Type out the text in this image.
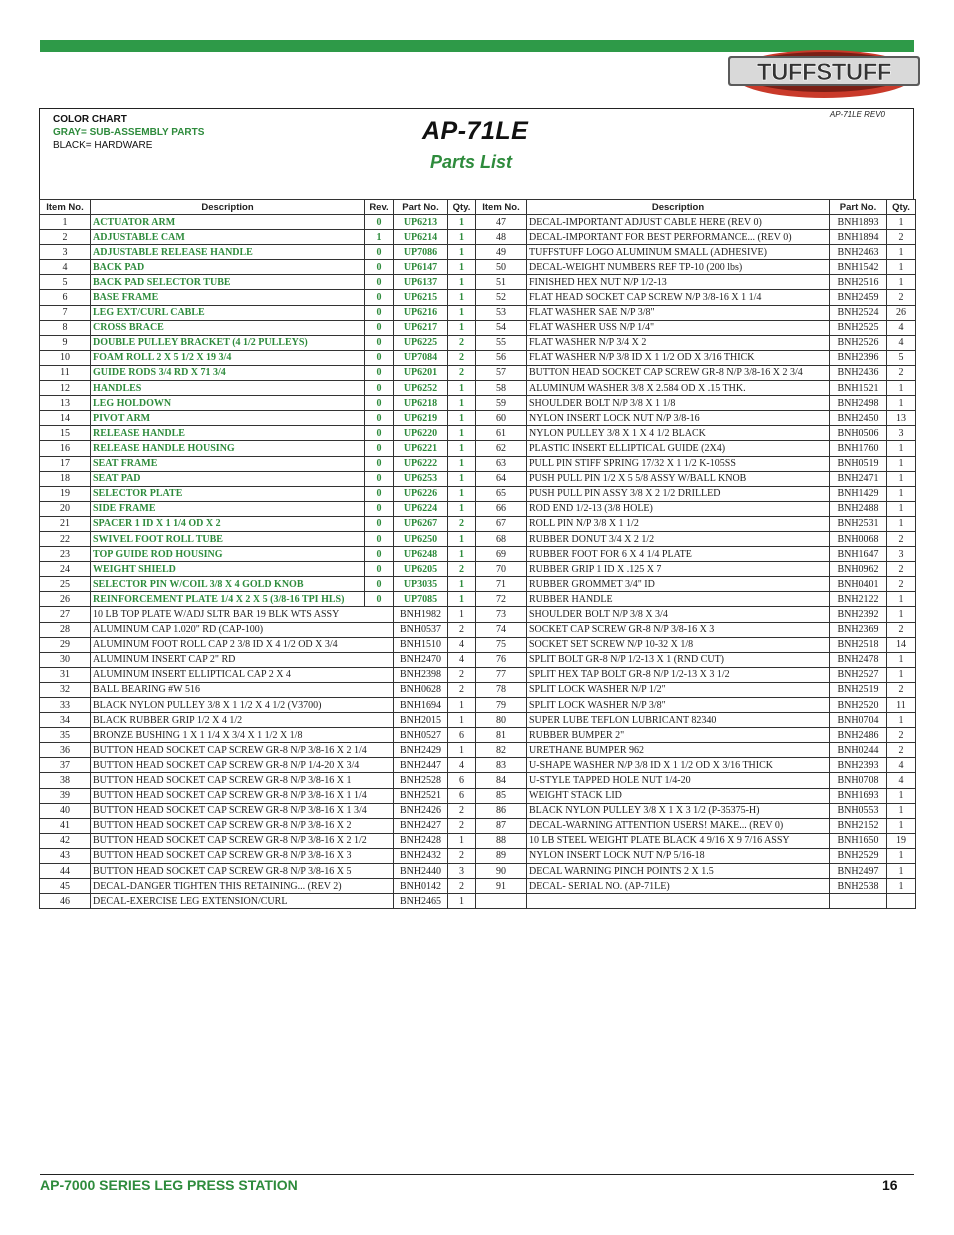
TUFFSTUFF
COLOR CHART
GRAY= SUB-ASSEMBLY PARTS
BLACK= HARDWARE
AP-71LE REV0
AP-71LE
Parts List
Item No.	Description	Rev.	Part No.	Qty.	Item No.	Description	Part No.	Qty.
1	ACTUATOR ARM	0	UP6213	1	47	DECAL-IMPORTANT ADJUST CABLE HERE (REV 0)	BNH1893	1
2	ADJUSTABLE CAM	1	UP6214	1	48	DECAL-IMPORTANT FOR BEST PERFORMANCE... (REV 0)	BNH1894	2
3	ADJUSTABLE RELEASE HANDLE	0	UP7086	1	49	TUFFSTUFF LOGO ALUMINUM SMALL (ADHESIVE)	BNH2463	1
4	BACK PAD	0	UP6147	1	50	DECAL-WEIGHT NUMBERS REF TP-10 (200 lbs)	BNH1542	1
5	BACK PAD SELECTOR TUBE	0	UP6137	1	51	FINISHED HEX NUT N/P 1/2-13	BNH2516	1
6	BASE FRAME	0	UP6215	1	52	FLAT HEAD SOCKET CAP SCREW N/P 3/8-16 X 1 1/4	BNH2459	2
7	LEG EXT/CURL CABLE	0	UP6216	1	53	FLAT WASHER SAE N/P 3/8"	BNH2524	26
8	CROSS BRACE	0	UP6217	1	54	FLAT WASHER USS N/P 1/4"	BNH2525	4
9	DOUBLE PULLEY BRACKET (4 1/2 PULLEYS)	0	UP6225	2	55	FLAT WASHER N/P 3/4 X 2	BNH2526	4
10	FOAM ROLL 2 X 5 1/2 X 19 3/4	0	UP7084	2	56	FLAT WASHER N/P 3/8 ID X 1 1/2 OD X 3/16 THICK	BNH2396	5
11	GUIDE RODS 3/4 RD X 71 3/4	0	UP6201	2	57	BUTTON HEAD SOCKET CAP SCREW GR-8 N/P 3/8-16 X 2 3/4	BNH2436	2
12	HANDLES	0	UP6252	1	58	ALUMINUM WASHER 3/8 X 2.584 OD X .15 THK.	BNH1521	1
13	LEG HOLDOWN	0	UP6218	1	59	SHOULDER BOLT N/P 3/8 X 1 1/8	BNH2498	1
14	PIVOT ARM	0	UP6219	1	60	NYLON INSERT LOCK NUT N/P 3/8-16	BNH2450	13
15	RELEASE HANDLE	0	UP6220	1	61	NYLON PULLEY 3/8 X 1 X 4 1/2 BLACK	BNH0506	3
16	RELEASE HANDLE HOUSING	0	UP6221	1	62	PLASTIC INSERT ELLIPTICAL GUIDE (2X4)	BNH1760	1
17	SEAT FRAME	0	UP6222	1	63	PULL PIN STIFF SPRING 17/32 X 1 1/2 K-105SS	BNH0519	1
18	SEAT PAD	0	UP6253	1	64	PUSH PULL PIN 1/2 X 5 5/8 ASSY W/BALL KNOB	BNH2471	1
19	SELECTOR PLATE	0	UP6226	1	65	PUSH PULL PIN ASSY 3/8 X 2 1/2 DRILLED	BNH1429	1
20	SIDE FRAME	0	UP6224	1	66	ROD END 1/2-13 (3/8 HOLE)	BNH2488	1
21	SPACER 1 ID X 1 1/4 OD X 2	0	UP6267	2	67	ROLL PIN N/P 3/8 X 1 1/2	BNH2531	1
22	SWIVEL FOOT ROLL TUBE	0	UP6250	1	68	RUBBER DONUT 3/4 X 2 1/2	BNH0068	2
23	TOP GUIDE ROD HOUSING	0	UP6248	1	69	RUBBER FOOT FOR 6 X 4 1/4 PLATE	BNH1647	3
24	WEIGHT SHIELD	0	UP6205	2	70	RUBBER GRIP 1 ID X .125 X 7	BNH0962	2
25	SELECTOR PIN W/COIL 3/8 X 4 GOLD KNOB	0	UP3035	1	71	RUBBER GROMMET 3/4" ID	BNH0401	2
26	REINFORCEMENT PLATE 1/4 X 2 X 5 (3/8-16 TPI HLS)	0	UP7085	1	72	RUBBER HANDLE	BNH2122	1
27	10 LB TOP PLATE W/ADJ SLTR BAR 19 BLK WTS ASSY		BNH1982	1	73	SHOULDER BOLT N/P 3/8 X 3/4	BNH2392	1
28	ALUMINUM CAP 1.020" RD (CAP-100)		BNH0537	2	74	SOCKET CAP SCREW GR-8 N/P 3/8-16 X 3	BNH2369	2
29	ALUMINUM FOOT ROLL CAP 2 3/8 ID X 4 1/2 OD X 3/4		BNH1510	4	75	SOCKET SET SCREW N/P 10-32 X 1/8	BNH2518	14
30	ALUMINUM INSERT CAP 2" RD		BNH2470	4	76	SPLIT BOLT GR-8 N/P 1/2-13 X 1 (RND CUT)	BNH2478	1
31	ALUMINUM INSERT ELLIPTICAL CAP 2 X 4		BNH2398	2	77	SPLIT HEX TAP BOLT GR-8 N/P 1/2-13 X 3 1/2	BNH2527	1
32	BALL BEARING #W 516		BNH0628	2	78	SPLIT LOCK WASHER N/P 1/2"	BNH2519	2
33	BLACK NYLON PULLEY 3/8 X 1 1/2 X 4 1/2 (V3700)		BNH1694	1	79	SPLIT LOCK WASHER N/P 3/8"	BNH2520	11
34	BLACK RUBBER GRIP 1/2 X 4 1/2		BNH2015	1	80	SUPER LUBE TEFLON LUBRICANT 82340	BNH0704	1
35	BRONZE BUSHING 1 X 1 1/4 X 3/4 X 1 1/2 X 1/8		BNH0527	6	81	RUBBER BUMPER 2"	BNH2486	2
36	BUTTON HEAD SOCKET CAP SCREW GR-8 N/P 3/8-16 X 2 1/4		BNH2429	1	82	URETHANE BUMPER 962	BNH0244	2
37	BUTTON HEAD SOCKET CAP SCREW GR-8 N/P 1/4-20 X 3/4		BNH2447	4	83	U-SHAPE WASHER N/P 3/8 ID X 1 1/2 OD X 3/16 THICK	BNH2393	4
38	BUTTON HEAD SOCKET CAP SCREW GR-8 N/P 3/8-16 X 1		BNH2528	6	84	U-STYLE TAPPED HOLE NUT 1/4-20	BNH0708	4
39	BUTTON HEAD SOCKET CAP SCREW GR-8 N/P 3/8-16 X 1 1/4		BNH2521	6	85	WEIGHT STACK LID	BNH1693	1
40	BUTTON HEAD SOCKET CAP SCREW GR-8 N/P 3/8-16 X 1 3/4		BNH2426	2	86	BLACK NYLON PULLEY 3/8 X 1 X 3 1/2 (P-35375-H)	BNH0553	1
41	BUTTON HEAD SOCKET CAP SCREW GR-8 N/P 3/8-16 X 2		BNH2427	2	87	DECAL-WARNING ATTENTION USERS! MAKE... (REV 0)	BNH2152	1
42	BUTTON HEAD SOCKET CAP SCREW GR-8 N/P 3/8-16 X 2 1/2		BNH2428	1	88	10 LB STEEL WEIGHT PLATE BLACK 4 9/16 X 9 7/16 ASSY	BNH1650	19
43	BUTTON HEAD SOCKET CAP SCREW GR-8 N/P 3/8-16 X 3		BNH2432	2	89	NYLON INSERT LOCK NUT N/P 5/16-18	BNH2529	1
44	BUTTON HEAD SOCKET CAP SCREW GR-8 N/P 3/8-16 X 5		BNH2440	3	90	DECAL WARNING PINCH POINTS 2 X 1.5	BNH2497	1
45	DECAL-DANGER TIGHTEN THIS RETAINING... (REV 2)		BNH0142	2	91	DECAL- SERIAL NO. (AP-71LE)	BNH2538	1
46	DECAL-EXERCISE LEG EXTENSION/CURL		BNH2465	1				
AP-7000 SERIES LEG PRESS STATION	16
